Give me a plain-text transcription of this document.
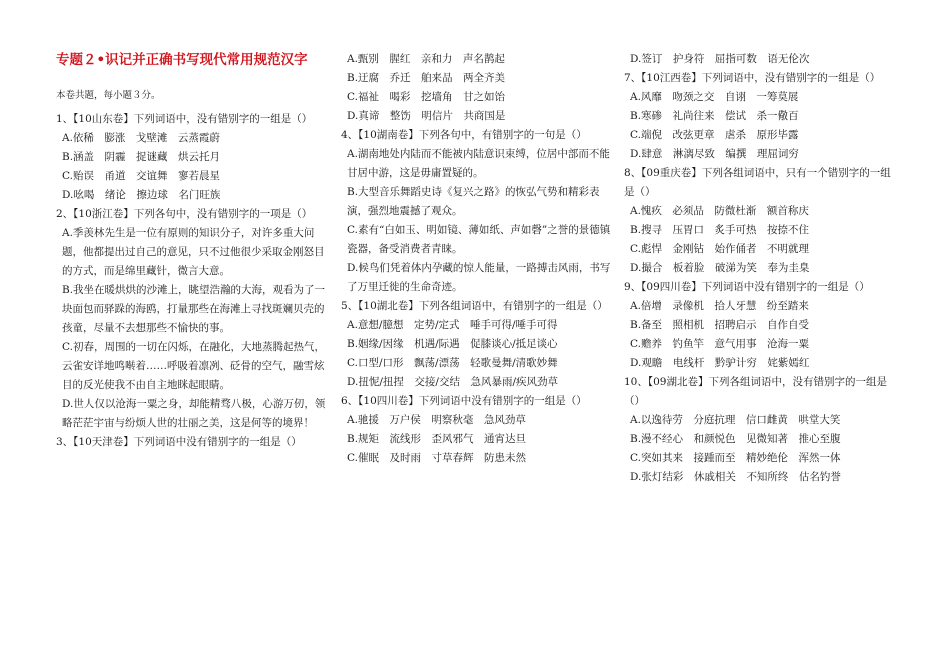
专题２•识记并正确书写现代常用规范汉字
本卷共题，每小题３分。

1、【10山东卷】下列词语中，没有错别字的一组是（）

A.依稀　膨涨　戈壁滩　云蒸霞蔚

B.涵盖　阴霾　捉谜藏　烘云托月

C.贻误　甬道　交谊舞　寥若晨星

D.吆喝　绪论　擦边球　名门旺族

2、【10浙江卷】下列各句中，没有错别字的一项是（）

A.季羡林先生是一位有原则的知识分子，对许多重大问题，他都提出过自己的意见，只不过他很少采取金刚怒目的方式，而是绵里藏针，微言大意。

B.我坐在暖烘烘的沙滩上，眺望浩瀚的大海，观看为了一块面包而驿跺的海鸥，打量那些在海滩上寻找斑斓贝壳的孩童，尽量不去想那些不愉快的事。

C.初春，周围的一切在闪烁，在融化，大地蒸腾起热气，云雀安详地鸣啭着……呼吸着凛冽、砭骨的空气，融雪炫目的反光使我不由自主地眯起眼睛。

D.世人仅以沧海一粟之身，却能精骛八极，心游万仞，领略茫茫宇宙与纷烦人世的壮丽之美，这是何等的境界！

3、【10天津卷】下列词语中没有错别字的一组是（）

A.甄别　腥红　亲和力　声名鹊起

B.迂腐　乔迁　舶来品　两全齐美

C.福祉　喝彩　挖墙角　甘之如饴

D.真谛　整饬　明信片　共商国是

4、【10湖南卷】下列各句中，有错别字的一句是（）

A.湖南地处内陆而不能被内陆意识束缚，位居中部而不能甘居中游，这是毋庸置疑的。

B.大型音乐舞蹈史诗《复兴之路》的恢弘气势和精彩表演，强烈地震撼了观众。

C.素有“白如玉、明如镜、薄如纸、声如磬”之誉的景德镇瓷器，备受消费者青睐。

D.候鸟们凭着体内孕藏的惊人能量，一路搏击风雨，书写了万里迁徙的生命奇迹。

5、【10湖北卷】下列各组词语中，有错别字的一组是（）

A.意想/臆想　定势/定式　唾手可得/唾手可得

B.姻缘/因缘　机遇/际遇　促膝谈心/抵足谈心

C.口型/口形　飘荡/漂荡　轻歌曼舞/清歌妙舞

D.扭怩/扭捏　交接/交结　急风暴雨/疾风劲草

6、【10四川卷】下列词语中没有错别字的一组是（）

A.驰援　万户侯　明察秋毫　急风劲草

B.规矩　流线形　歪风邪气　通宵达旦

C.催眠　及时雨　寸草春辉　防患未然

D.签订　护身符　屈指可数　语无伦次

7、【10江西卷】下列词语中，没有错别字的一组是（）

A.风靡　吻颈之交　自诩　一筹莫展

B.寒碜　礼尚往来　偿试　杀一儆百

C.端倪　改弦更章　虐杀　原形毕露

D.肆意　淋漓尽致　编撰　理屈词穷

8、【09重庆卷】下列各组词语中，只有一个错别字的一组是（）

A.愧疚　必须品　防微杜渐　额首称庆

B.搜寻　压胃口　炙手可热　按捺不住

C.彪悍　金刚钻　始作俑者　不明就理

D.撮合　板着脸　破涕为笑　奉为圭臬

9、【09四川卷】下列词语中没有错别字的一组是（）

A.倍增　录像机　拾人牙慧　纷至踏来

B.备至　照相机　招聘启示　自作自受

C.赡养　钓鱼竿　意气用事　沧海一粟

D.观瞻　电线杆　黔驴计穷　姹紫嫣红

10、【09湖北卷】下列各组词语中，没有错别字的一组是（）

A.以逸待劳　分庭抗理　信口雌黄　哄堂大笑

B.漫不经心　和颜悦色　见微知著　推心至腹

C.突如其来　接踵而至　精妙绝伦　浑然一体

D.张灯结彩　休戚相关　不知所终　估名钓誉
